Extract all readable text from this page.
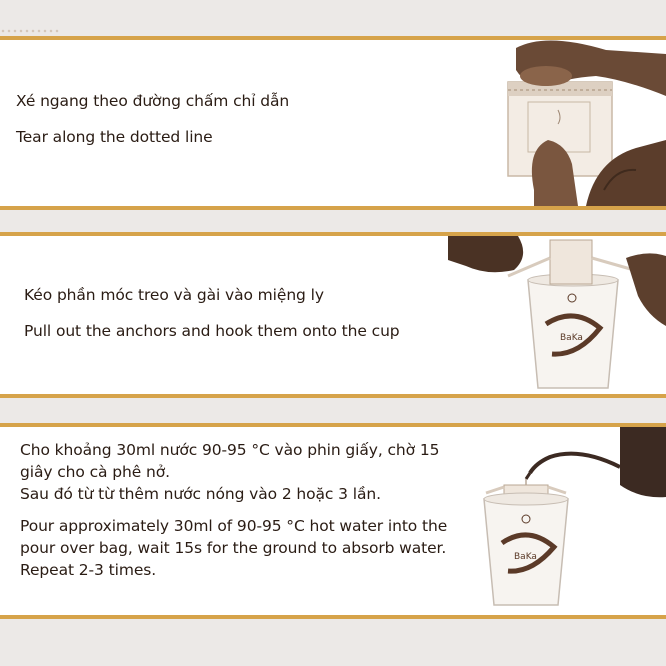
Xé ngang theo đường chấm chỉ dẫn
Tear along the dotted line
Kéo phần móc treo và gài vào miệng ly
Pull out the anchors and hook them onto the cup	BaKa
Cho khoảng 30ml nước 90-95 °C vào phin giấy, chờ 15
giây cho cà phê nở.
Sau đó từ từ thêm nước nóng vào 2 hoặc 3 lần.
Pour approximately 30ml of 90-95 °C hot water into the
pour over bag, wait 15s for the ground to absorb water.
Repeat 2-3 times.
BaKa
